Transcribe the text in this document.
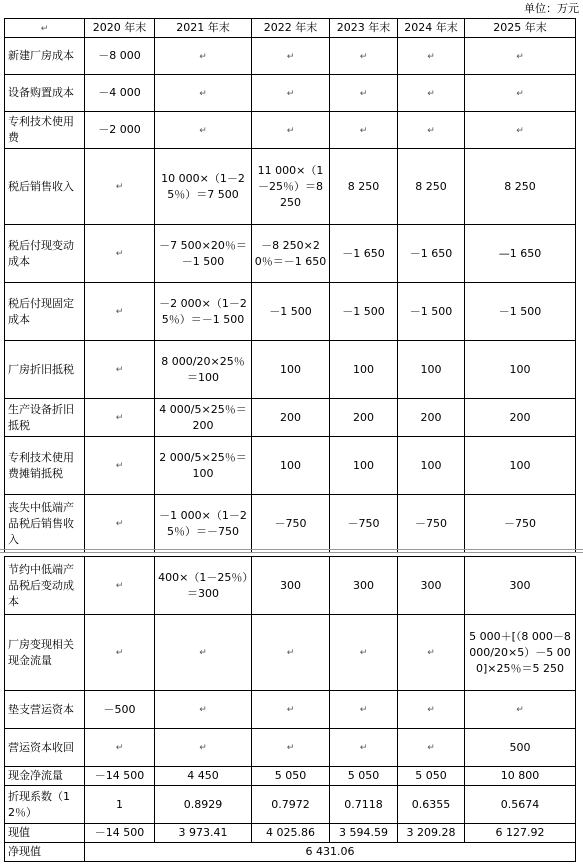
单位：万元
↵	2020 年末	2021 年末	2022 年末	2023 年末	2024 年末	2025 年末
新建厂房成本	－8 000	↵	↵	↵	↵	↵
设备购置成本	－4 000	↵	↵	↵	↵	↵
专利技术使用费	－2 000	↵	↵	↵	↵	↵
税后销售收入	↵	10 000×（1－25％）＝7 500	11 000×（1－25％）＝8 250	8 250	8 250	8 250
税后付现变动成本	↵	－7 500×20％＝－1 500	－8 250×20％＝－1 650	－1 650	－1 650	—1 650
税后付现固定成本	↵	－2 000×（1－25％）＝－1 500	－1 500	－1 500	－1 500	－1 500
厂房折旧抵税	↵	8 000/20×25％＝100	100	100	100	100
生产设备折旧抵税	↵	4 000/5×25％＝200	200	200	200	200
专利技术使用费摊销抵税	↵	2 000/5×25％＝100	100	100	100	100
丧失中低端产品税后销售收入	↵	－1 000×（1－25％）＝－750	－750	－750	－750	－750
节约中低端产品税后变动成本	↵	400×（1－25％）＝300	300	300	300	300
厂房变现相关现金流量	↵	↵	↵	↵	↵	5 000＋[（8 000－8 000/20×5）－5 000]×25％＝5 250
垫支营运资本	－500	↵	↵	↵	↵	↵
营运资本收回	↵	↵	↵	↵	↵	500
现金净流量	－14 500	4 450	5 050	5 050	5 050	10 800
折现系数（12％）	1	0.8929	0.7972	0.7118	0.6355	0.5674
现值	－14 500	3 973.41	4 025.86	3 594.59	3 209.28	6 127.92
净现值	6 431.06					
